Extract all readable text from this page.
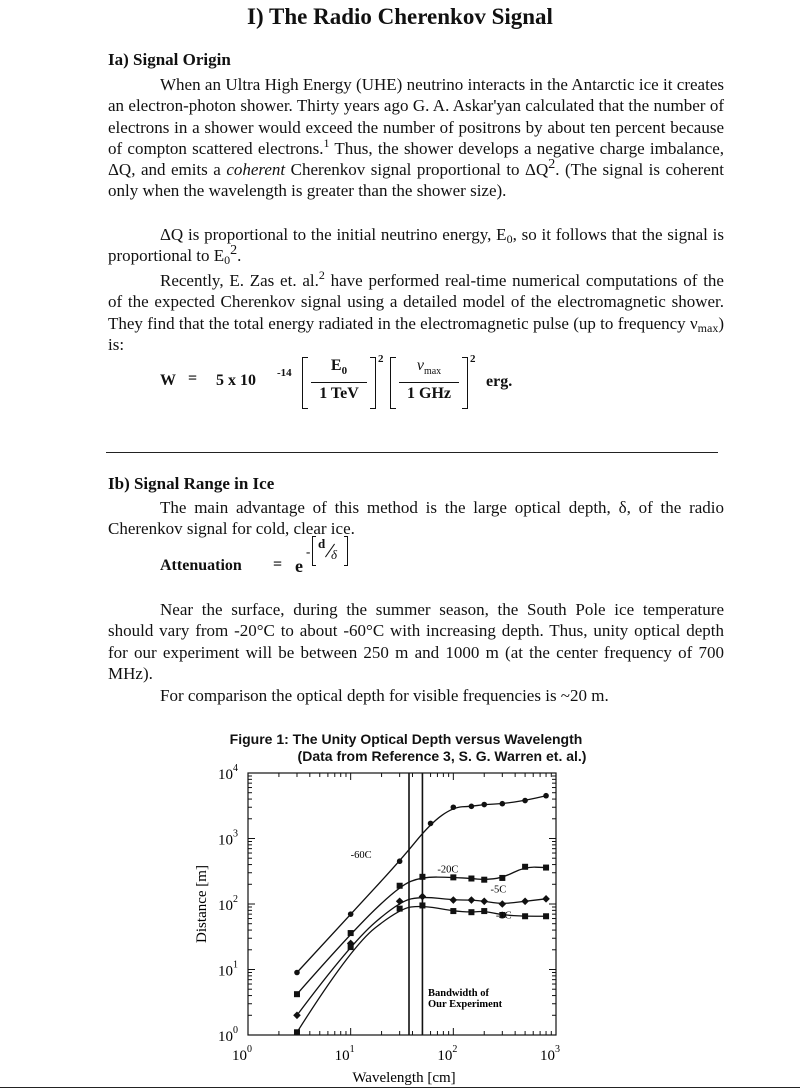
I) The Radio Cherenkov Signal
Ia) Signal Origin

When an Ultra High Energy (UHE) neutrino interacts in the Antarctic ice it creates an electron-photon shower. Thirty years ago G. A. Askar'yan calculated that the number of electrons in a shower would exceed the number of positrons by about ten percent because of compton scattered electrons.$^1$ Thus, the shower develops a negative charge imbalance, ΔQ, and emits a coherent Cherenkov signal proportional to $\Delta Q^2$. (The signal is coherent only when the wavelength is greater than the shower size).

ΔQ is proportional to the initial neutrino energy, $E_0$, so it follows that the signal is proportional to $E_0^2$.

Recently, E. Zas et. al.$^2$ have performed real-time numerical computations of the of the expected Cherenkov signal using a detailed model of the electromagnetic shower. They find that the total energy radiated in the electromagnetic pulse (up to frequency $\nu_{max}$) is:

W = 5 x 10 -14	$E_0$
1 TeV
2	$\nu_{max}$
1 GHz
2
erg.
Ib) Signal Range in Ice

The main advantage of this method is the large optical depth, δ, of the radio Cherenkov signal for cold, clear ice.

Attenuation = e
-
d
δ

Near the surface, during the summer season, the South Pole ice temperature should vary from -20°C to about -60°C with increasing depth. Thus, unity optical depth for our experiment will be between 250 m and 1000 m (at the center frequency of 700 MHz).

For comparison the optical depth for visible frequencies is ~20 m.

Figure 1: The Unity Optical Depth versus Wavelength
(Data from Reference 3, S. G. Warren et. al.)
$10^0$	$10^1$	$10^2$	$10^3$
$10^0$
$10^1$
$10^2$
$10^3$
$10^4$
-60C
-20C
-5C
-1C
Bandwidth of
Our Experiment
Wavelength [cm]
Distance [m]
